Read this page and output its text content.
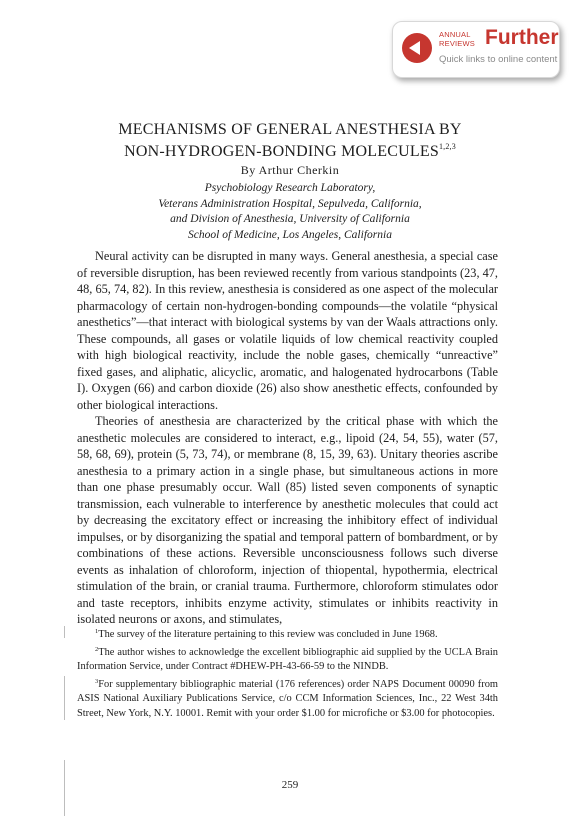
ANNUAL
REVIEWS Further
Quick links to online content
MECHANISMS OF GENERAL ANESTHESIA BY
NON-HYDROGEN-BONDING MOLECULES$^{1,2,3}$
By Arthur Cherkin
Psychobiology Research Laboratory,
Veterans Administration Hospital, Sepulveda, California,
and Division of Anesthesia, University of California
School of Medicine, Los Angeles, California

Neural activity can be disrupted in many ways. General anesthesia, a special case of reversible disruption, has been reviewed recently from various standpoints (23, 47, 48, 65, 74, 82). In this review, anesthesia is considered as one aspect of the molecular pharmacology of certain non-hydrogen-bonding compounds—the volatile “physical anesthetics”—that interact with biological systems by van der Waals attractions only. These compounds, all gases or volatile liquids of low chemical reactivity coupled with high biological reactivity, include the noble gases, chemically “unreactive” fixed gases, and aliphatic, alicyclic, aromatic, and halogenated hydrocarbons (Table I). Oxygen (66) and carbon dioxide (26) also show anesthetic effects, confounded by other biological interactions.

Theories of anesthesia are characterized by the critical phase with which the anesthetic molecules are considered to interact, e.g., lipoid (24, 54, 55), water (57, 58, 68, 69), protein (5, 73, 74), or membrane (8, 15, 39, 63). Unitary theories ascribe anesthesia to a primary action in a single phase, but simultaneous actions in more than one phase presumably occur. Wall (85) listed seven components of synaptic transmission, each vulnerable to interference by anesthetic molecules that could act by decreasing the excitatory effect or increasing the inhibitory effect of individual impulses, or by disorganizing the spatial and temporal pattern of bombardment, or by combinations of these actions. Reversible unconsciousness follows such diverse events as inhalation of chloroform, injection of thiopental, hypothermia, electrical stimulation of the brain, or cranial trauma. Furthermore, chloroform stimulates odor and taste receptors, inhibits enzyme activity, stimulates or inhibits reactivity in isolated neurons or axons, and stimulates,

$^1$The survey of the literature pertaining to this review was concluded in June 1968.

$^2$The author wishes to acknowledge the excellent bibliographic aid supplied by the UCLA Brain Information Service, under Contract #DHEW-PH-43-66-59 to the NINDB.

$^3$For supplementary bibliographic material (176 references) order NAPS Document 00090 from ASIS National Auxiliary Publications Service, c/o CCM Information Sciences, Inc., 22 West 34th Street, New York, N.Y. 10001. Remit with your order $1.00 for microfiche or $3.00 for photocopies.

259
